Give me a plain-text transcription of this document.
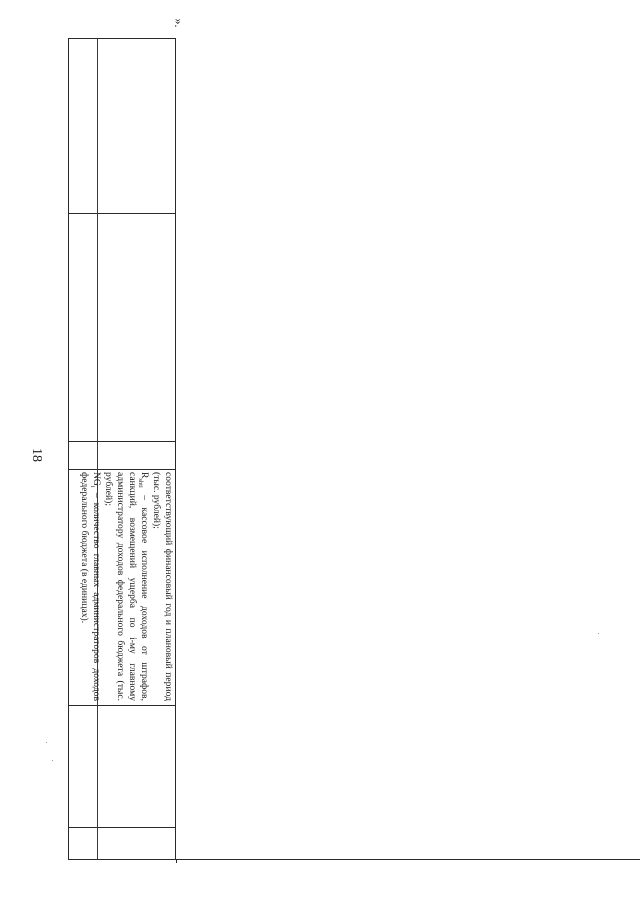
18
».

соответствующий финансовый год и плановый период (тыс. рублей);

$R_{shti}$ – кассовое исполнение доходов от штрафов, санкций, возмещений ущерба по i-му главному администратору доходов федерального бюджета (тыс. рублей);

$NG_i$ – количество главных администраторов доходов федерального бюджета (в единицах).
